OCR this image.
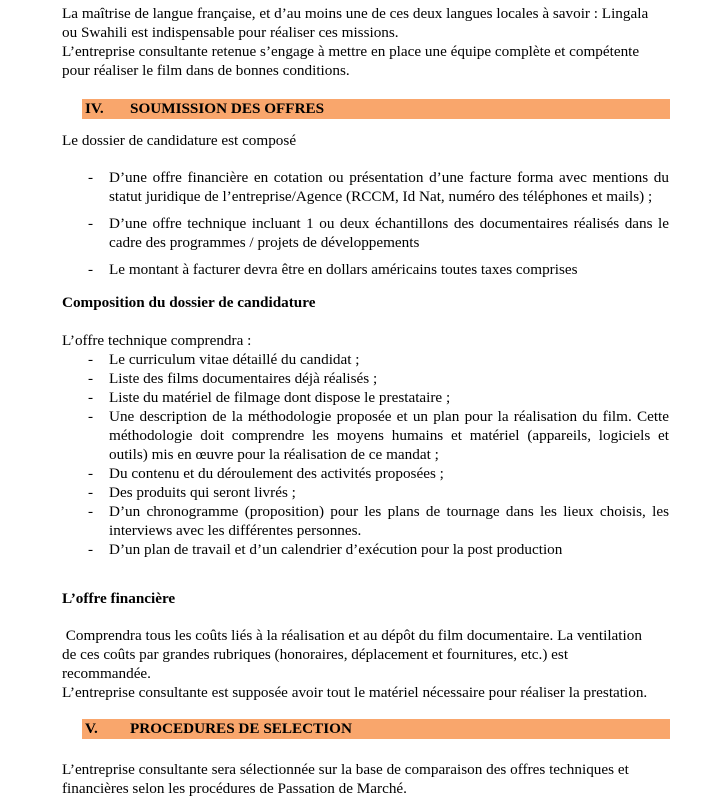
La maîtrise de langue française, et d’au moins une de ces deux langues locales à savoir : Lingala
ou Swahili est indispensable pour réaliser ces missions.
L’entreprise consultante retenue s’engage à mettre en place une équipe complète et compétente
pour réaliser le film dans de bonnes conditions.
IV. SOUMISSION DES OFFRES
Le dossier de candidature est composé
- D’une offre financière en cotation ou présentation d’une facture forma avec mentions du statut juridique de l’entreprise/Agence (RCCM, Id Nat, numéro des téléphones et mails) ;
- D’une offre technique incluant 1 ou deux échantillons des documentaires réalisés dans le cadre des programmes / projets de développements
- Le montant à facturer devra être en dollars américains toutes taxes comprises
Composition du dossier de candidature
L’offre technique comprendra :
- Le curriculum vitae détaillé du candidat ;
- Liste des films documentaires déjà réalisés ;
- Liste du matériel de filmage dont dispose le prestataire ;
- Une description de la méthodologie proposée et un plan pour la réalisation du film. Cette méthodologie doit comprendre les moyens humains et matériel (appareils, logiciels et outils) mis en œuvre pour la réalisation de ce mandat ;
- Du contenu et du déroulement des activités proposées ;
- Des produits qui seront livrés ;
- D’un chronogramme (proposition) pour les plans de tournage dans les lieux choisis, les interviews avec les différentes personnes.
- D’un plan de travail et d’un calendrier d’exécution pour la post production
L’offre financière
Comprendra tous les coûts liés à la réalisation et au dépôt du film documentaire. La ventilation
de ces coûts par grandes rubriques (honoraires, déplacement et fournitures, etc.) est
recommandée.
L’entreprise consultante est supposée avoir tout le matériel nécessaire pour réaliser la prestation.
V. PROCEDURES DE SELECTION
L’entreprise consultante sera sélectionnée sur la base de comparaison des offres techniques et
financières selon les procédures de Passation de Marché.
